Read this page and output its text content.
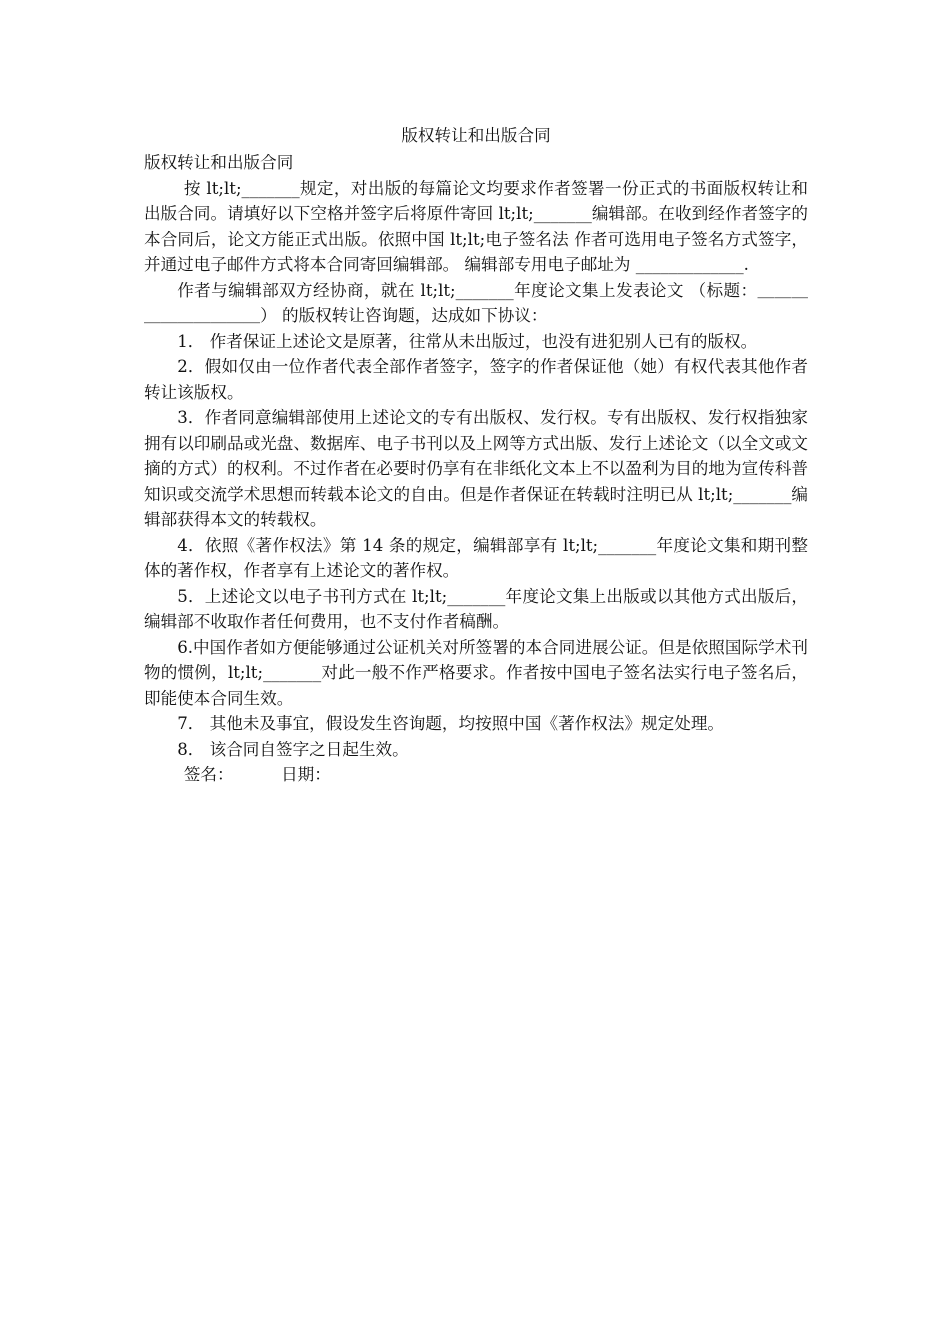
版权转让和出版合同

版权转让和出版合同

按 lt;lt;_______规定，对出版的每篇论文均要求作者签署一份正式的书面版权转让和出版合同。请填好以下空格并签字后将原件寄回 lt;lt;_______编辑部。在收到经作者签字的本合同后，论文方能正式出版。依照中国 lt;lt;电子签名法 作者可选用电子签名方式签字，并通过电子邮件方式将本合同寄回编辑部。 编辑部专用电子邮址为 _____________.

作者与编辑部双方经协商，就在 lt;lt;_______年度论文集上发表论文 （标题：＿＿＿＿＿＿＿＿＿＿） 的版权转让咨询题，达成如下协议：

1． 作者保证上述论文是原著，往常从未出版过，也没有进犯别人已有的版权。

2．假如仅由一位作者代表全部作者签字，签字的作者保证他（她）有权代表其他作者转让该版权。

3．作者同意编辑部使用上述论文的专有出版权、发行权。专有出版权、发行权指独家拥有以印刷品或光盘、数据库、电子书刊以及上网等方式出版、发行上述论文（以全文或文摘的方式）的权利。不过作者在必要时仍享有在非纸化文本上不以盈利为目的地为宣传科普知识或交流学术思想而转载本论文的自由。但是作者保证在转载时注明已从 lt;lt;_______编辑部获得本文的转载权。

4．依照《著作权法》第 14 条的规定，编辑部享有 lt;lt;_______年度论文集和期刊整体的著作权，作者享有上述论文的著作权。

5．上述论文以电子书刊方式在 lt;lt;_______年度论文集上出版或以其他方式出版后，编辑部不收取作者任何费用，也不支付作者稿酬。

6.中国作者如方便能够通过公证机关对所签署的本合同进展公证。但是依照国际学术刊物的惯例，lt;lt;_______对此一般不作严格要求。作者按中国电子签名法实行电子签名后，即能使本合同生效。

7． 其他未及事宜，假设发生咨询题，均按照中国《著作权法》规定处理。

8． 该合同自签字之日起生效。

签名：	日期：
